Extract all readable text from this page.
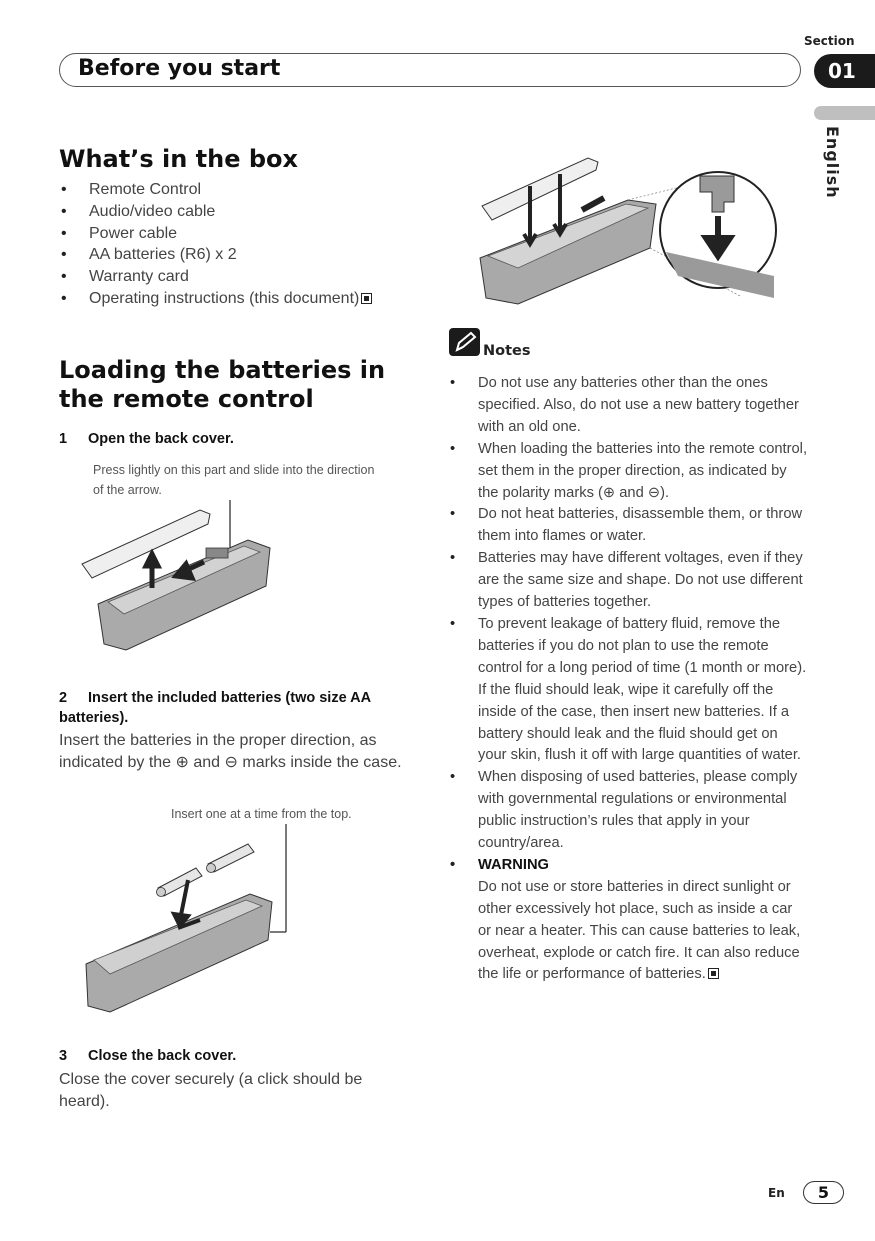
Section
Before you start	01
English
What’s in the box
• Remote Control
• Audio/video cable
• Power cable
• AA batteries (R6) x 2
• Warranty card
• Operating instructions (this document)
Notes
• Do not use any batteries other than the ones specified. Also, do not use a new battery together with an old one.
• When loading the batteries into the remote control, set them in the proper direction, as indicated by the polarity marks (⊕ and ⊖).
• Do not heat batteries, disassemble them, or throw them into flames or water.
• Batteries may have different voltages, even if they are the same size and shape. Do not use different types of batteries together.
• To prevent leakage of battery fluid, remove the batteries if you do not plan to use the remote control for a long period of time (1 month or more). If the fluid should leak, wipe it carefully off the inside of the case, then insert new batteries. If a battery should leak and the fluid should get on your skin, flush it off with large quantities of water.
• When disposing of used batteries, please comply with governmental regulations or environmental public instruction’s rules that apply in your country/area.
• WARNING
Do not use or store batteries in direct sunlight or other excessively hot place, such as inside a car or near a heater. This can cause batteries to leak, overheat, explode or catch fire. It can also reduce the life or performance of batteries.
Loading the batteries in the remote control
1 Open the back cover.
Press lightly on this part and slide into the direction of the arrow.
2 Insert the included batteries (two size AA batteries).
Insert the batteries in the proper direction, as indicated by the ⊕ and ⊖ marks inside the case.
Insert one at a time from the top.
3 Close the back cover.
Close the cover securely (a click should be heard).
En	5
